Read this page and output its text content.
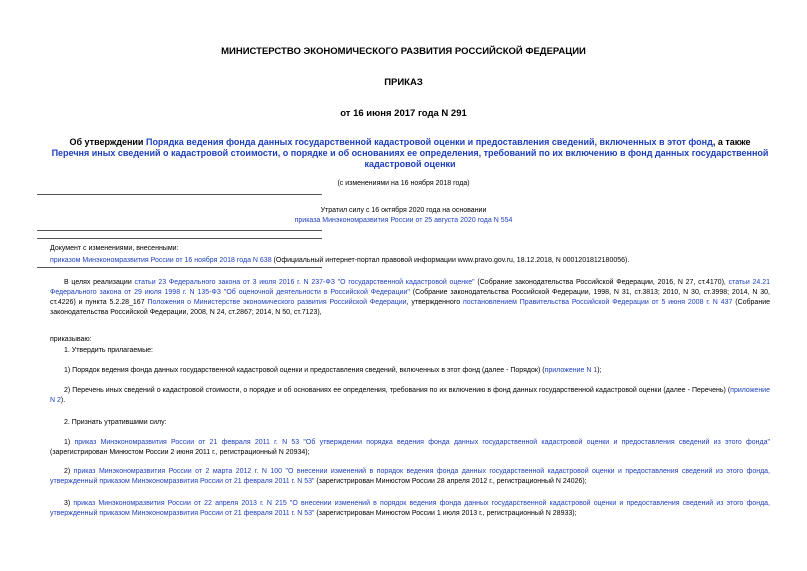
МИНИСТЕРСТВО ЭКОНОМИЧЕСКОГО РАЗВИТИЯ РОССИЙСКОЙ ФЕДЕРАЦИИ
ПРИКАЗ
от 16 июня 2017 года N 291
Об утверждении Порядка ведения фонда данных государственной кадастровой оценки и предоставления сведений, включенных в этот фонд, а также Перечня иных сведений о кадастровой стоимости, о порядке и об основаниях ее определения, требований по их включению в фонд данных государственной кадастровой оценки
(с изменениями на 16 ноября 2018 года)
Утратил силу с 16 октября 2020 года на основании
приказа Минэкономразвития России от 25 августа 2020 года N 554
Документ с изменениями, внесенными:
приказом Минэкономразвития России от 16 ноября 2018 года N 638 (Официальный интернет-портал правовой информации www.pravo.gov.ru, 18.12.2018, N 0001201812180056).
В целях реализации статьи 23 Федерального закона от 3 июля 2016 г. N 237-ФЗ "О государственной кадастровой оценке" (Собрание законодательства Российской Федерации, 2016, N 27, ст.4170), статьи 24.21 Федерального закона от 29 июля 1998 г. N 135-ФЗ "Об оценочной деятельности в Российской Федерации" (Собрание законодательства Российской Федерации, 1998, N 31, ст.3813; 2010, N 30, ст.3998; 2014, N 30, ст.4226) и пункта 5.2.28_167 Положения о Министерстве экономического развития Российской Федерации, утвержденного постановлением Правительства Российской Федерации от 5 июня 2008 г. N 437 (Собрание законодательства Российской Федерации, 2008, N 24, ст.2867; 2014, N 50, ст.7123),
приказываю:
1. Утвердить прилагаемые:
1) Порядок ведения фонда данных государственной кадастровой оценки и предоставления сведений, включенных в этот фонд (далее - Порядок) (приложение N 1);
2) Перечень иных сведений о кадастровой стоимости, о порядке и об основаниях ее определения, требования по их включению в фонд данных государственной кадастровой оценки (далее - Перечень) (приложение N 2).
2. Признать утратившими силу:
1) приказ Минэкономразвития России от 21 февраля 2011 г. N 53 "Об утверждении порядка ведения фонда данных государственной кадастровой оценки и предоставления сведений из этого фонда" (зарегистрирован Минюстом России 2 июня 2011 г., регистрационный N 20934);
2) приказ Минэкономразвития России от 2 марта 2012 г. N 100 "О внесении изменений в порядок ведения фонда данных государственной кадастровой оценки и предоставления сведений из этого фонда, утвержденный приказом Минэкономразвития России от 21 февраля 2011 г. N 53" (зарегистрирован Минюстом России 28 апреля 2012 г., регистрационный N 24026);
3) приказ Минэкономразвития России от 22 апреля 2013 г. N 215 "О внесении изменений в порядок ведения фонда данных государственной кадастровой оценки и предоставления сведений из этого фонда, утвержденный приказом Минэкономразвития России от 21 февраля 2011 г. N 53" (зарегистрирован Минюстом России 1 июля 2013 г., регистрационный N 28933);
